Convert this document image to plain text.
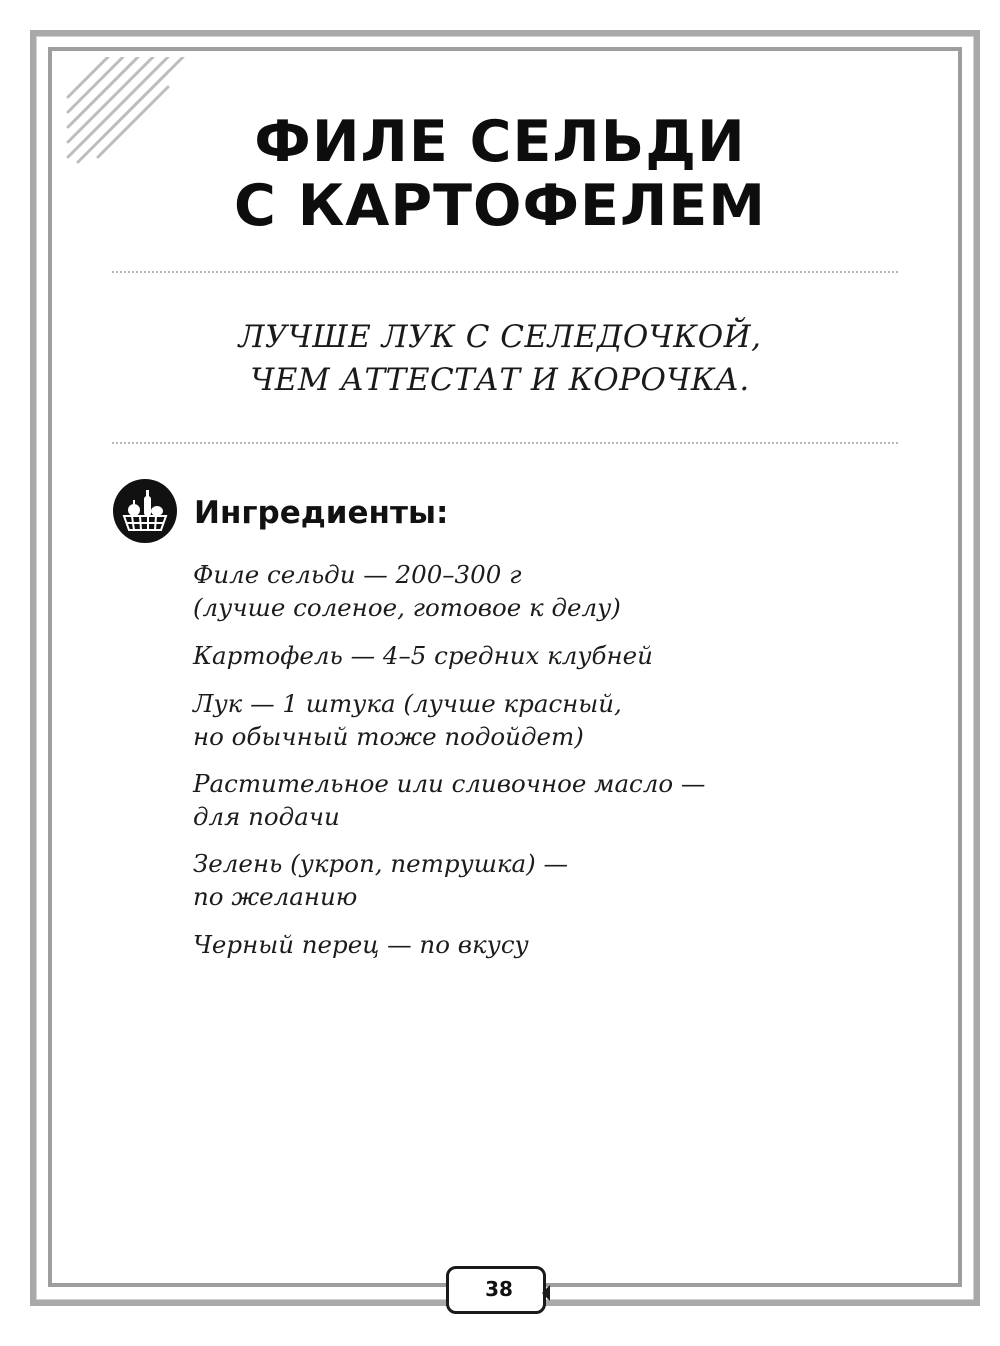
ФИЛЕ СЕЛЬДИ
С КАРТОФЕЛЕМ
ЛУЧШЕ ЛУК С СЕЛЕДОЧКОЙ,
ЧЕМ АТТЕСТАТ И КОРОЧКА.
Ингредиенты:
Филе сельди — 200–300 г
(лучше соленое, готовое к делу)
Картофель — 4–5 средних клубней
Лук — 1 штука (лучше красный,
но обычный тоже подойдет)
Растительное или сливочное масло —
для подачи
Зелень (укроп, петрушка) —
по желанию
Черный перец — по вкусу
38
